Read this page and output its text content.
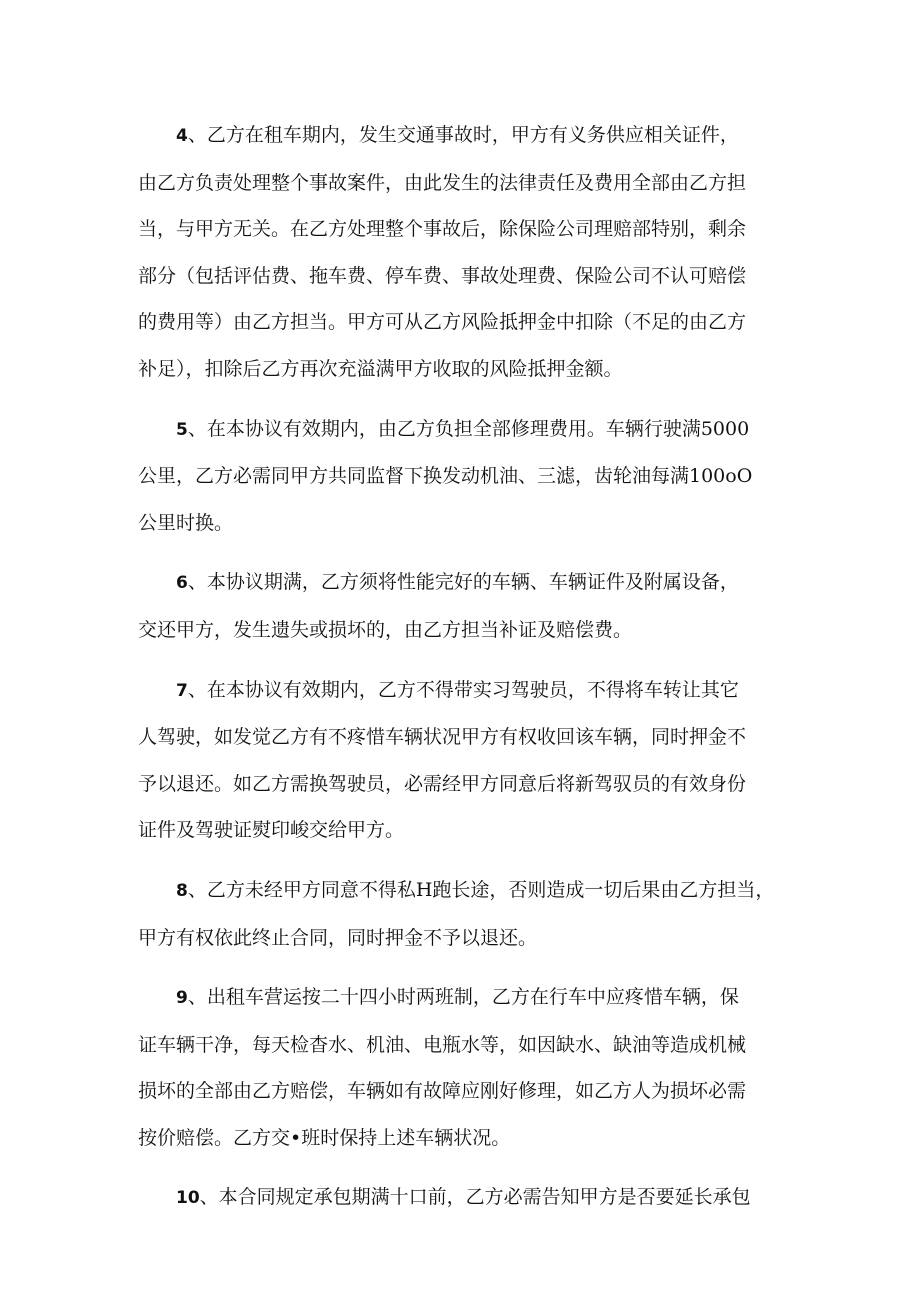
4、乙方在租车期内，发生交通事故时，甲方有义务供应相关证件，
由乙方负责处理整个事故案件，由此发生的法律责任及费用全部由乙方担
当，与甲方无关。在乙方处理整个事故后，除保险公司理赔部特别，剩余
部分（包括评估费、拖车费、停车费、事故处理费、保险公司不认可赔偿
的费用等）由乙方担当。甲方可从乙方风险抵押金中扣除（不足的由乙方
补足），扣除后乙方再次充溢满甲方收取的风险抵押金额。
5、在本协议有效期内，由乙方负担全部修理费用。车辆行驶满5000
公里，乙方必需同甲方共同监督下换发动机油、三滤，齿轮油每满100oO
公里时换。
6、本协议期满，乙方须将性能完好的车辆、车辆证件及附属设备，
交还甲方，发生遗失或损坏的，由乙方担当补证及赔偿费。
7、在本协议有效期内，乙方不得带实习驾驶员，不得将车转让其它
人驾驶，如发觉乙方有不疼惜车辆状况甲方有权收回该车辆，同时押金不
予以退还。如乙方需换驾驶员，必需经甲方同意后将新驾驭员的有效身份
证件及驾驶证熨印峻交给甲方。
8、乙方未经甲方同意不得私H跑长途，否则造成一切后果由乙方担当，
甲方有权依此终止合同，同时押金不予以退还。
9、出租车营运按二十四小时两班制，乙方在行车中应疼惜车辆，保
证车辆干净，每天检杳水、机油、电瓶水等，如因缺水、缺油等造成机械
损坏的全部由乙方赔偿，车辆如有故障应刚好修理，如乙方人为损坏必需
按价赔偿。乙方交•班时保持上述车辆状况。
10、本合同规定承包期满十口前，乙方必需告知甲方是否要延长承包
